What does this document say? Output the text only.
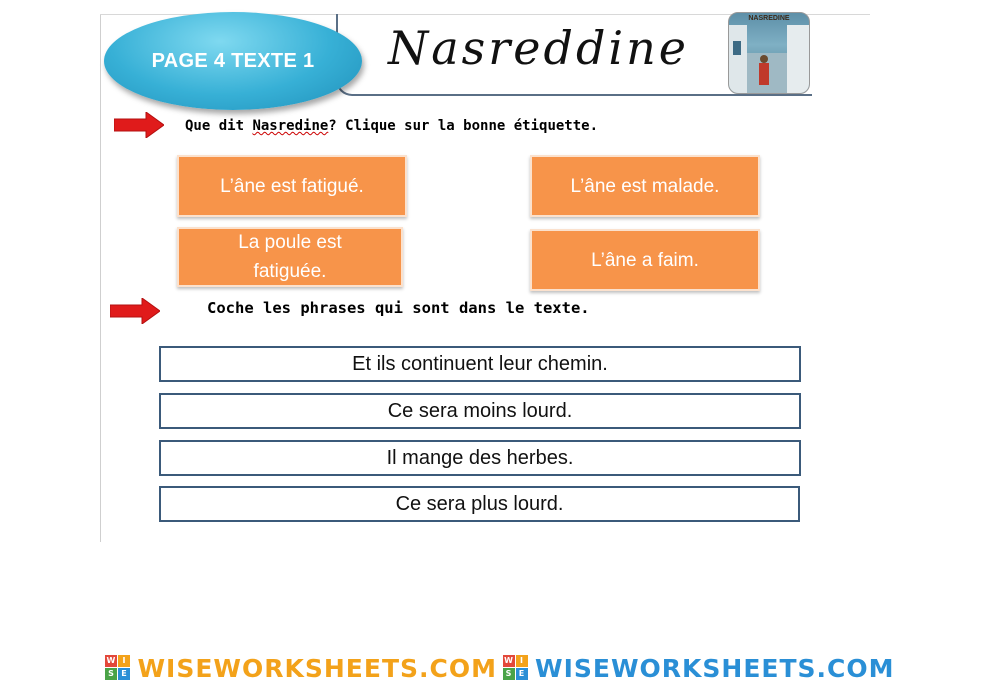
PAGE 4 TEXTE 1 Nasreddine
NASREDINE
Que dit Nasredine? Clique sur la bonne étiquette.
L’âne est fatigué.	L’âne est malade.
La poule est fatiguée.
L’âne a faim.
Coche les phrases qui sont dans le texte.
Et ils continuent leur chemin.
Ce sera moins lourd.
Il mange des herbes.
Ce sera plus lourd.
W I
S E WISEWORKSHEETS.COM W I
S E WISEWORKSHEETS.COM
